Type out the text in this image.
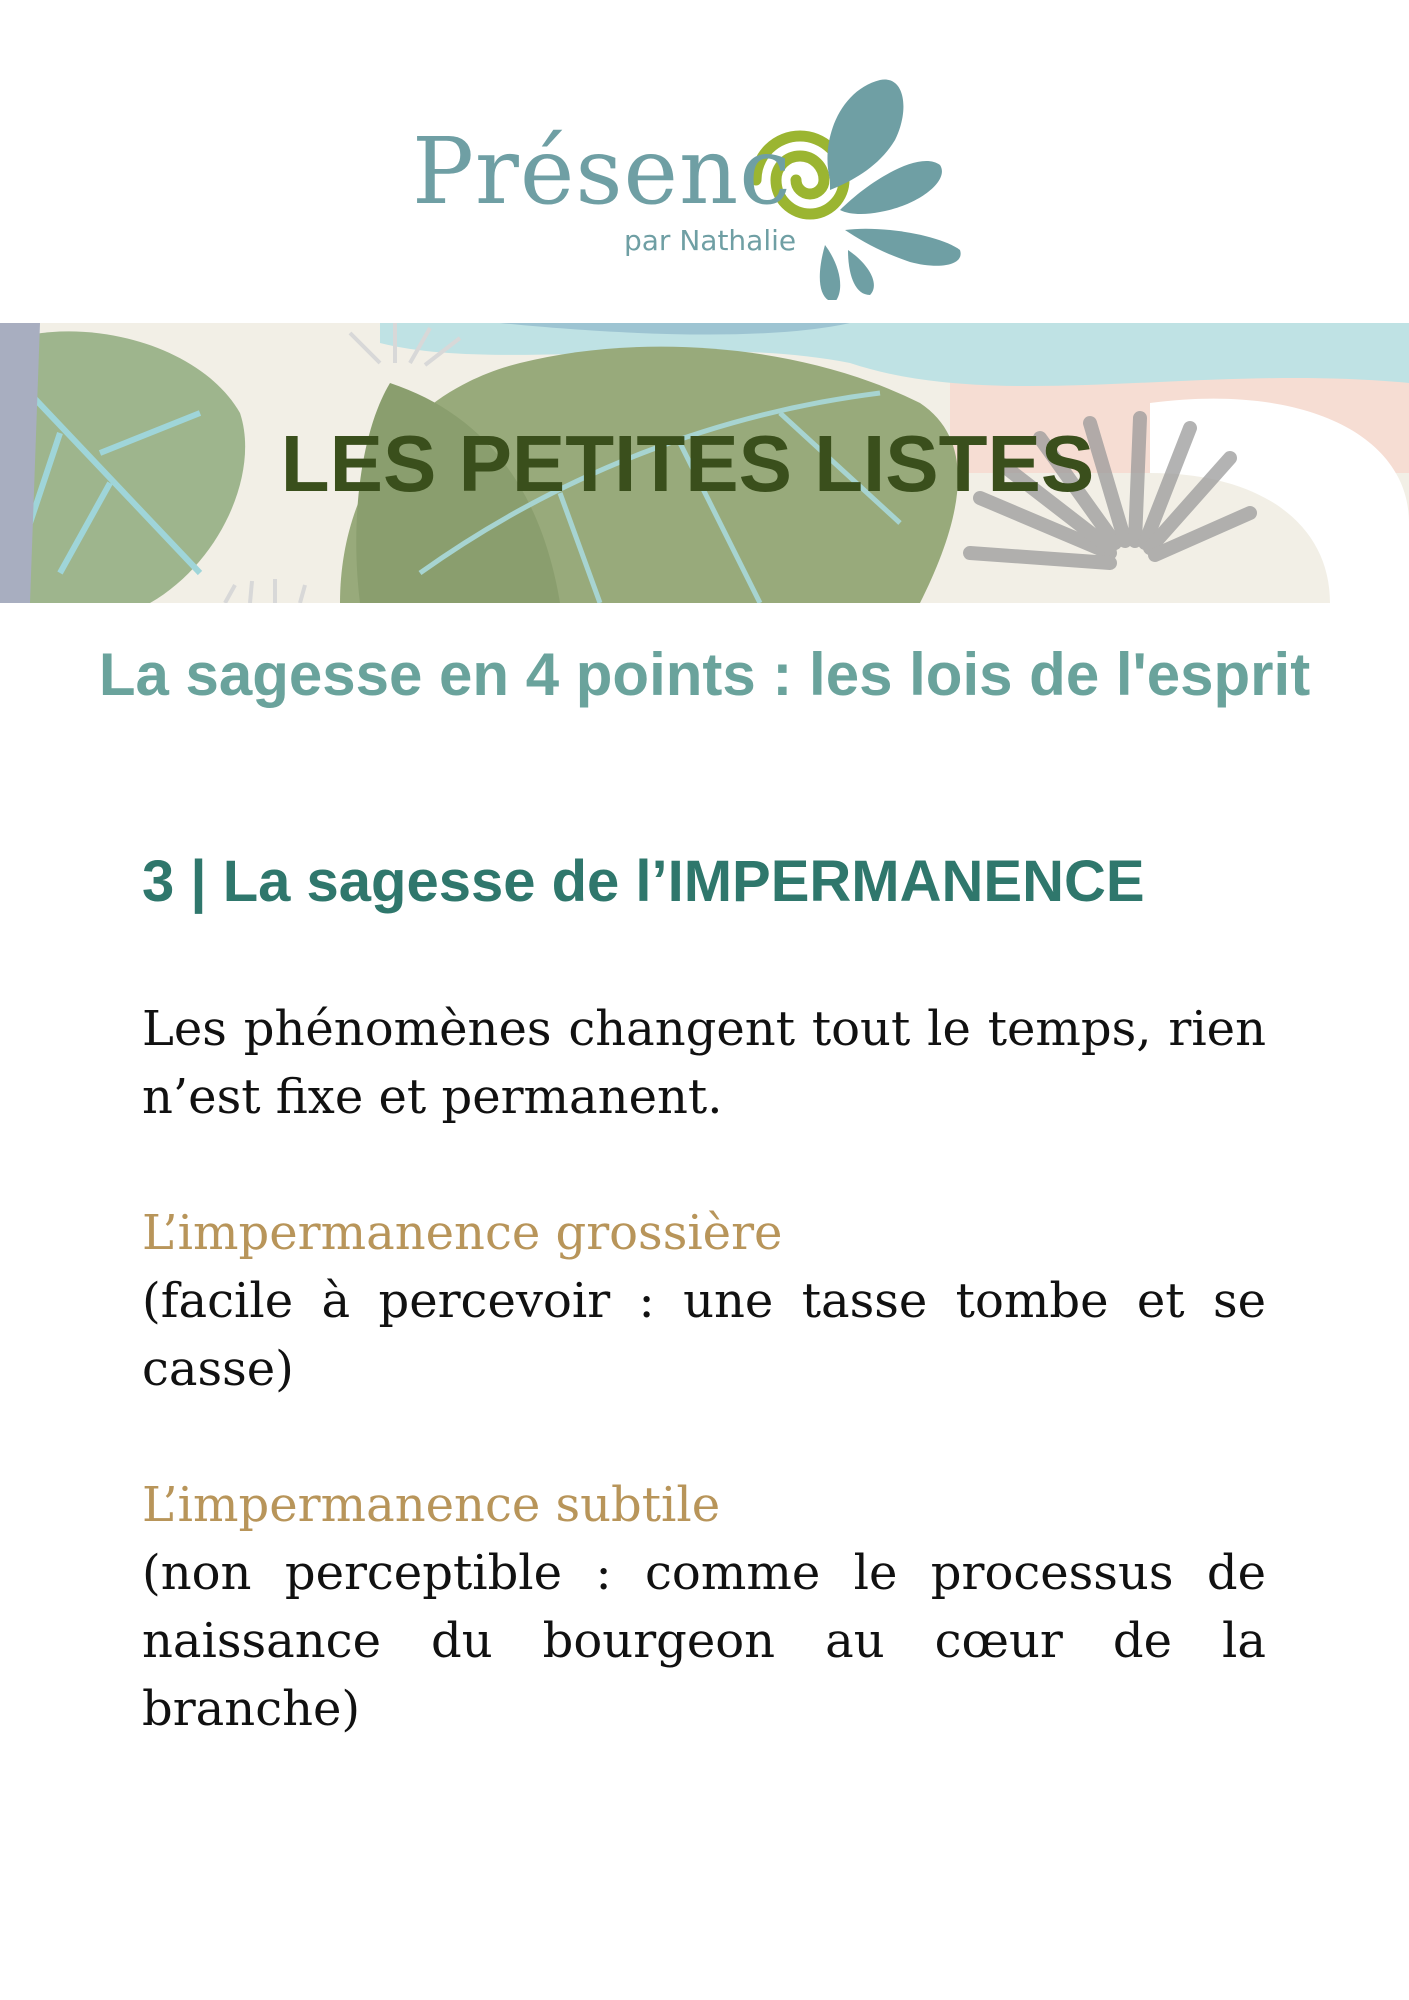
Présenc
par Nathalie
LES PETITES LISTES
La sagesse en 4 points : les lois de l'esprit
3 | La sagesse de l’IMPERMANENCE

Les phénomènes changent tout le temps, rien n’est fixe et permanent.

L’impermanence grossière

(facile à percevoir : une tasse tombe et se casse)

L’impermanence subtile

(non perceptible : comme le processus de naissance du bourgeon au cœur de la branche)
